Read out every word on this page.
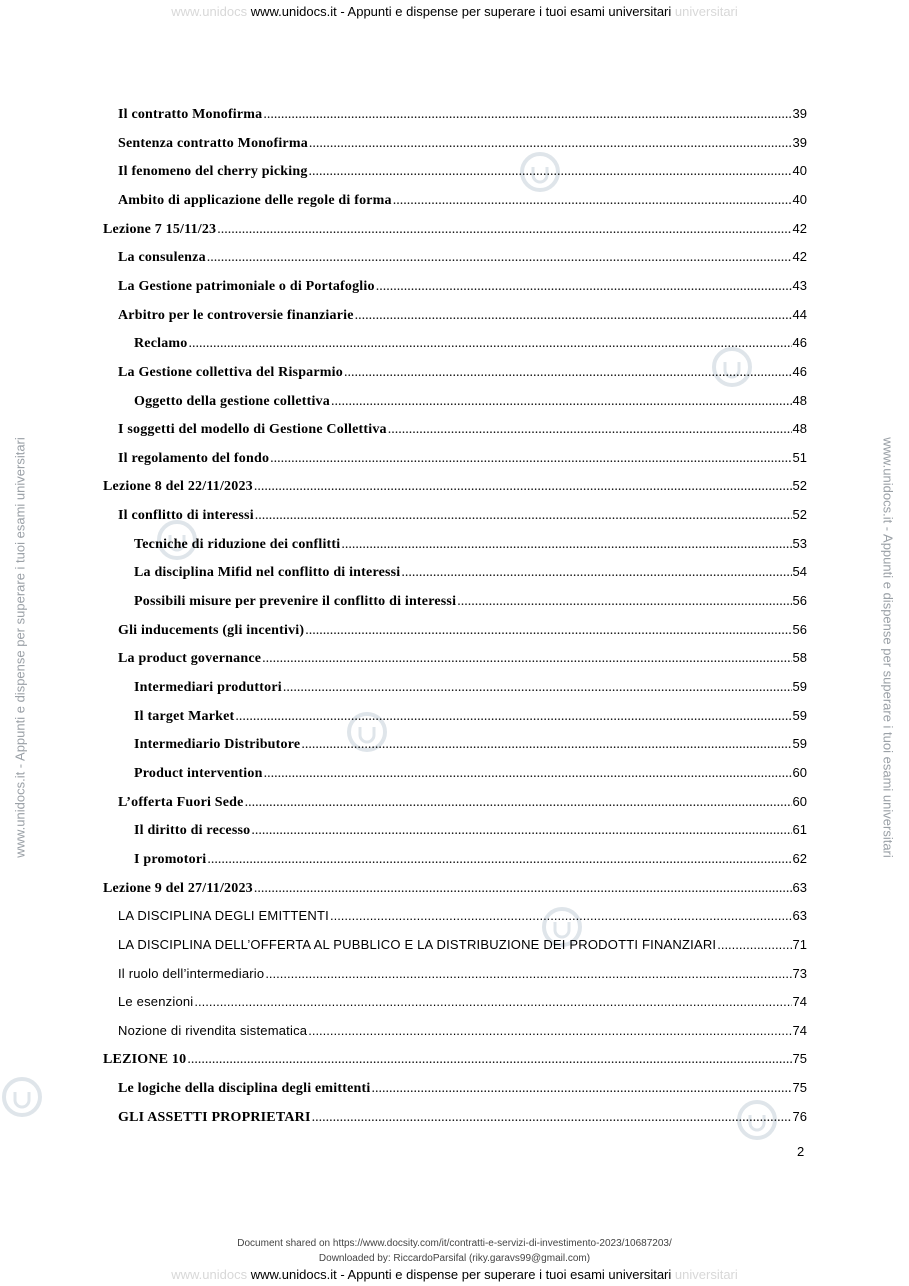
www.unidocs www.unidocs.it - Appunti e dispense per superare i tuoi esami universitari universitari
www.unidocs.it - Appunti e dispense per superare i tuoi esami universitari	www.unidocs.it - Appunti e dispense per superare i tuoi esami universitari
Il contratto Monofirma .....	39
Sentenza contratto Monofirma .....	39
Il fenomeno del cherry picking .....	40
Ambito di applicazione delle regole di forma .....	40
Lezione 7 15/11/23 .....	42
La consulenza .....	42
La Gestione patrimoniale o di Portafoglio .....	43
Arbitro per le controversie finanziarie .....	44
Reclamo .....	46
La Gestione collettiva del Risparmio .....	46
Oggetto della gestione collettiva .....	48
I soggetti del modello di Gestione Collettiva .....	48
Il regolamento del fondo .....	51
Lezione 8 del 22/11/2023 .....	52
Il conflitto di interessi .....	52
Tecniche di riduzione dei conflitti .....	53
La disciplina Mifid nel conflitto di interessi .....	54
Possibili misure per prevenire il conflitto di interessi .....	56
Gli inducements (gli incentivi) .....	56
La product governance .....	58
Intermediari produttori .....	59
Il target Market .....	59
Intermediario Distributore .....	59
Product intervention .....	60
L’offerta Fuori Sede .....	60
Il diritto di recesso .....	61
I promotori .....	62
Lezione 9 del 27/11/2023 .....	63
LA DISCIPLINA DEGLI EMITTENTI .....	63
LA DISCIPLINA DELL’OFFERTA AL PUBBLICO E LA DISTRIBUZIONE DEI PRODOTTI FINANZIARI .....	71
Il ruolo dell’intermediario .....	73
Le esenzioni .....	74
Nozione di rivendita sistematica .....	74
LEZIONE 10 .....	75
Le logiche della disciplina degli emittenti .....	75
GLI ASSETTI PROPRIETARI .....	76
2
Document shared on https://www.docsity.com/it/contratti-e-servizi-di-investimento-2023/10687203/
Downloaded by: RiccardoParsifal (riky.garavs99@gmail.com)
www.unidocs www.unidocs.it - Appunti e dispense per superare i tuoi esami universitari universitari
